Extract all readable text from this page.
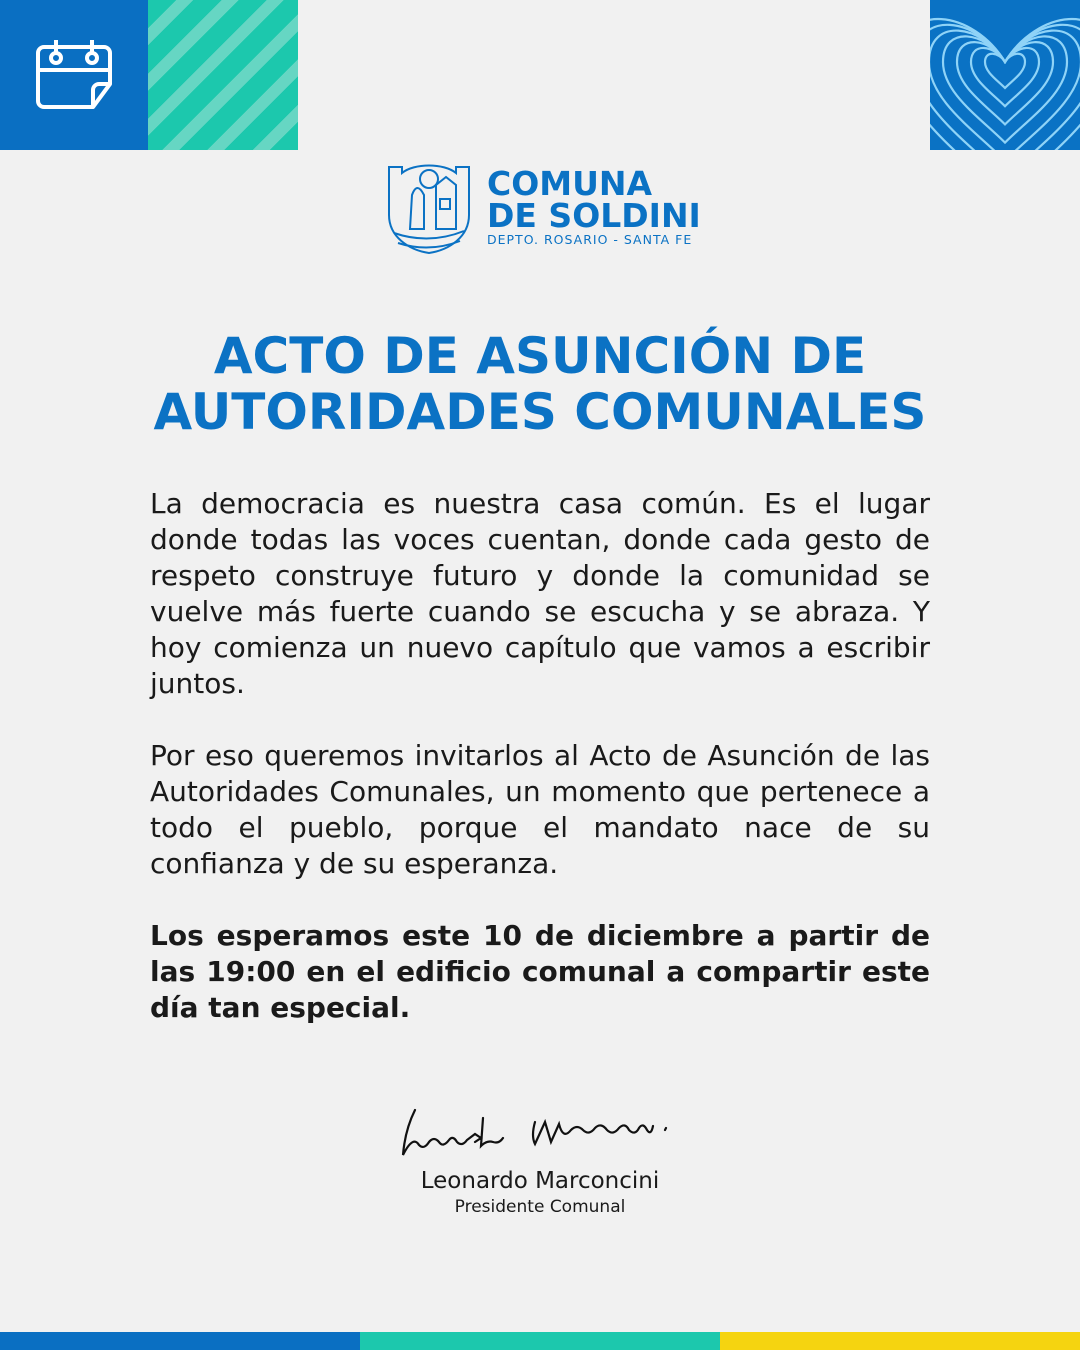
COMUNA
DE SOLDINI
DEPTO. ROSARIO - SANTA FE
ACTO DE ASUNCIÓN DE
AUTORIDADES COMUNALES
La democracia es nuestra casa común. Es el lugar donde todas las voces cuentan, donde cada gesto de respeto construye futuro y donde la comunidad se vuelve más fuerte cuando se escucha y se abraza. Y hoy comienza un nuevo capítulo que vamos a escribir juntos.
Por eso queremos invitarlos al Acto de Asunción de las Autoridades Comunales, un momento que pertenece a todo el pueblo, porque el mandato nace de su confianza y de su esperanza.
Los esperamos este 10 de diciembre a partir de las 19:00 en el edificio comunal a compartir este día tan especial.
Leonardo Marconcini
Presidente Comunal
